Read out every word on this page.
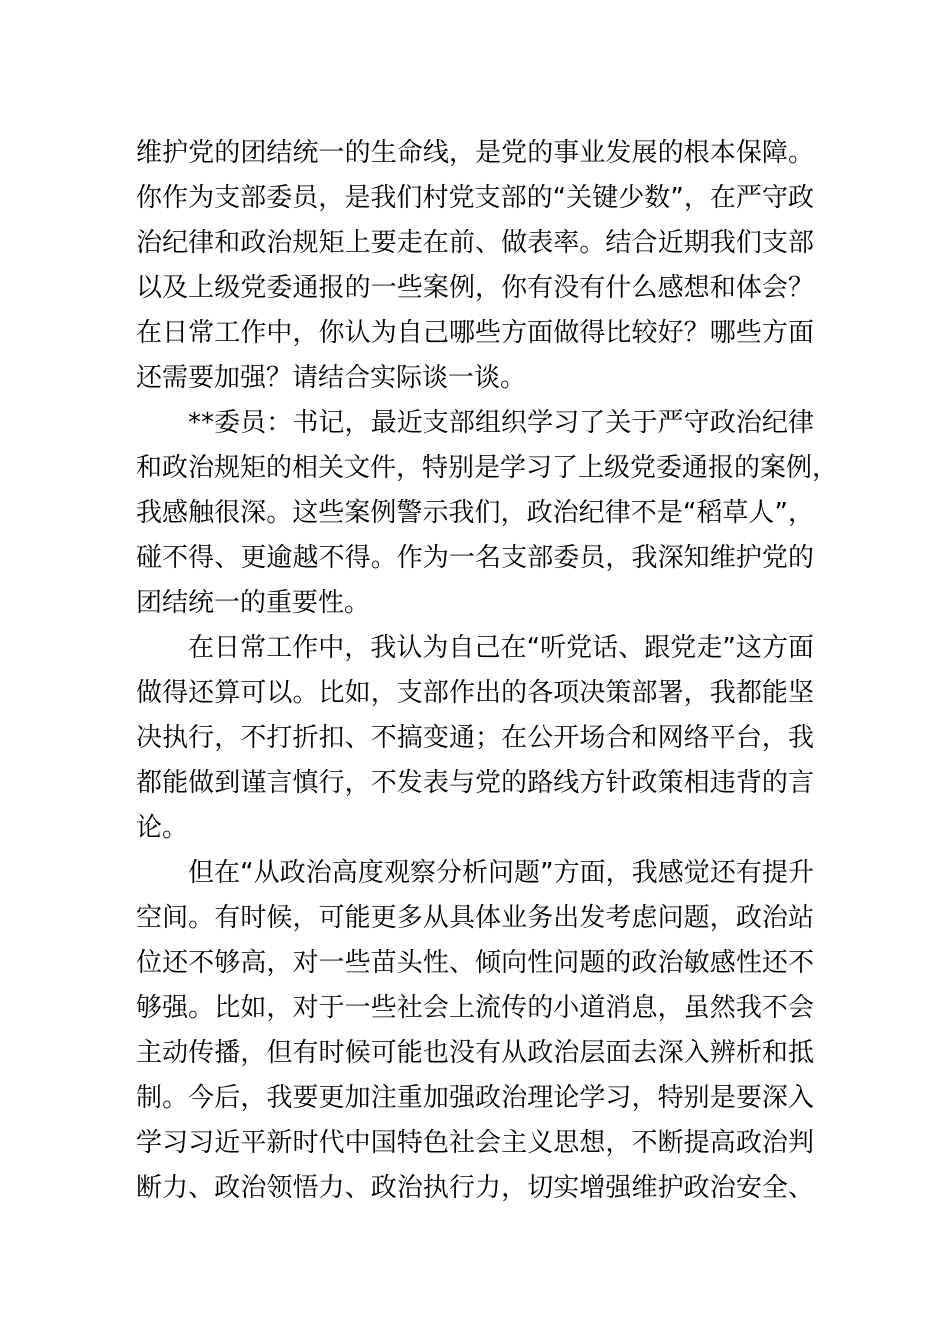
维护党的团结统一的生命线，是党的事业发展的根本保障。
你作为支部委员，是我们村党支部的“关键少数”，在严守政
治纪律和政治规矩上要走在前、做表率。结合近期我们支部
以及上级党委通报的一些案例，你有没有什么感想和体会？
在日常工作中，你认为自己哪些方面做得比较好？哪些方面
还需要加强？请结合实际谈一谈。
**委员：书记，最近支部组织学习了关于严守政治纪律
和政治规矩的相关文件，特别是学习了上级党委通报的案例，
我感触很深。这些案例警示我们，政治纪律不是“稻草人”，
碰不得、更逾越不得。作为一名支部委员，我深知维护党的
团结统一的重要性。
在日常工作中，我认为自己在“听党话、跟党走”这方面
做得还算可以。比如，支部作出的各项决策部署，我都能坚
决执行，不打折扣、不搞变通；在公开场合和网络平台，我
都能做到谨言慎行，不发表与党的路线方针政策相违背的言
论。
但在“从政治高度观察分析问题”方面，我感觉还有提升
空间。有时候，可能更多从具体业务出发考虑问题，政治站
位还不够高，对一些苗头性、倾向性问题的政治敏感性还不
够强。比如，对于一些社会上流传的小道消息，虽然我不会
主动传播，但有时候可能也没有从政治层面去深入辨析和抵
制。今后，我要更加注重加强政治理论学习，特别是要深入
学习习近平新时代中国特色社会主义思想，不断提高政治判
断力、政治领悟力、政治执行力，切实增强维护政治安全、
